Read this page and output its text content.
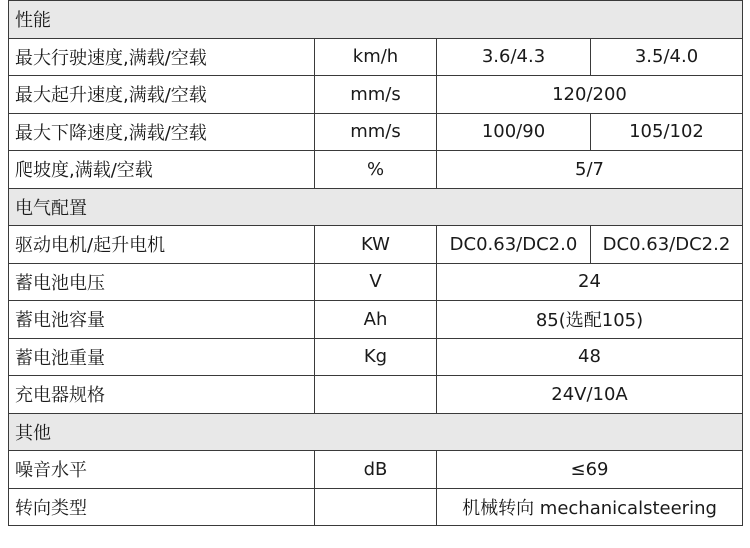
性能			
最大行驶速度,满载/空载	km/h	3.6/4.3	3.5/4.0
最大起升速度,满载/空载	mm/s	120/200	
最大下降速度,满载/空载	mm/s	100/90	105/102
爬坡度,满载/空载	%	5/7	
电气配置			
驱动电机/起升电机	KW	DC0.63/DC2.0	DC0.63/DC2.2
蓄电池电压	V	24	
蓄电池容量	Ah	85(选配105)	
蓄电池重量	Kg	48	
充电器规格		24V/10A	
其他			
噪音水平	dB	≤69	
转向类型		机械转向 mechanicalsteering	
